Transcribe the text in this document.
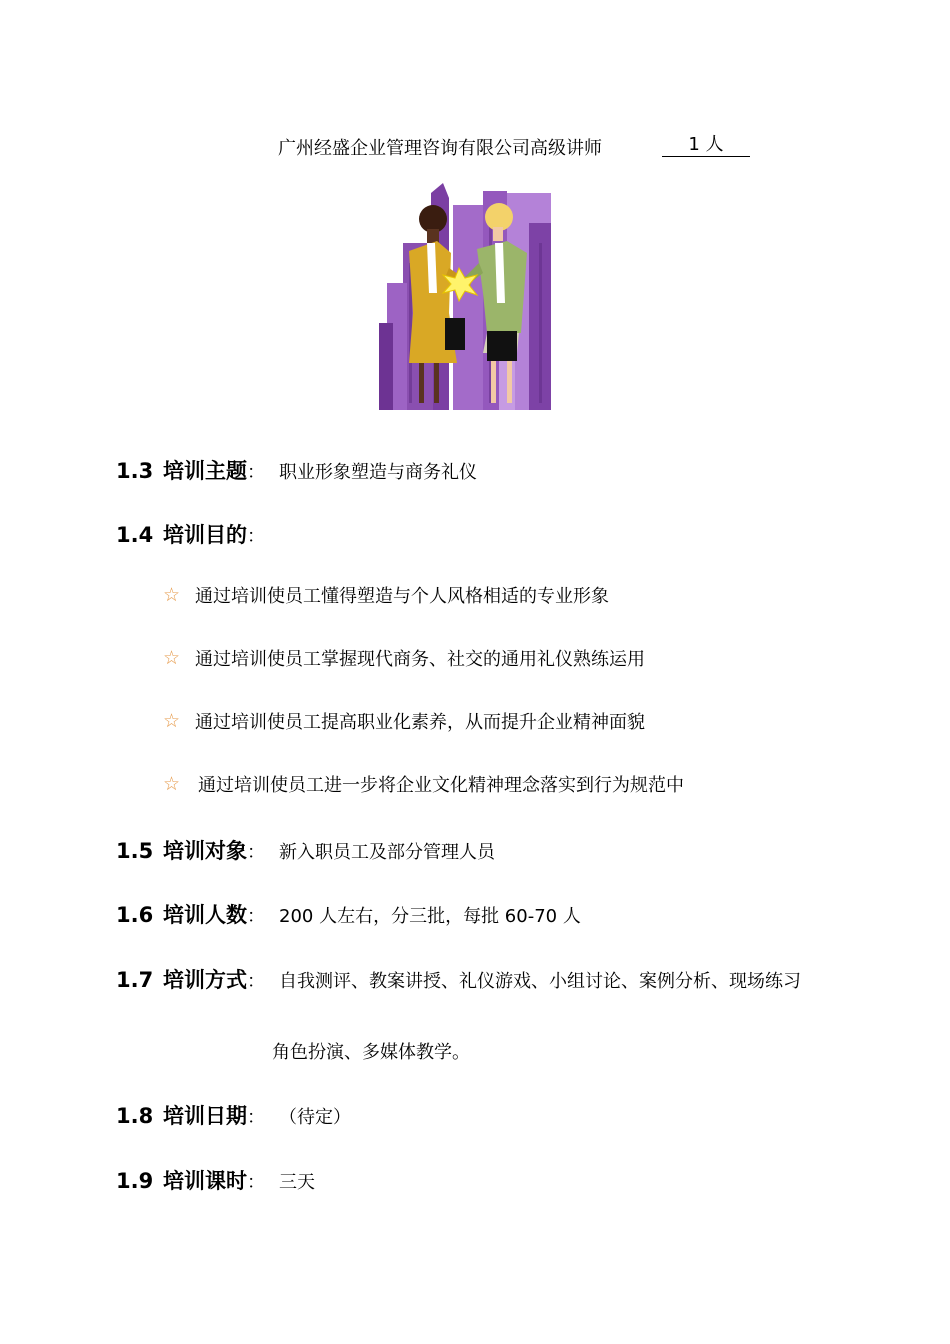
广州经盛企业管理咨询有限公司高级讲师	1 人
1.3 培训主题 ： 职业形象塑造与商务礼仪
1.4 培训目的 ：
☆ 通过培训使员工懂得塑造与个人风格相适的专业形象
☆ 通过培训使员工掌握现代商务、社交的通用礼仪熟练运用
☆ 通过培训使员工提高职业化素养，从而提升企业精神面貌
☆ 通过培训使员工进一步将企业文化精神理念落实到行为规范中
1.5 培训对象 ： 新入职员工及部分管理人员
1.6 培训人数 ： 200 人左右，分三批，每批 60-70 人
1.7 培训方式 ： 自我测评、教案讲授、礼仪游戏、小组讨论、案例分析、现场练习
角色扮演、多媒体教学。
1.8 培训日期 ： （待定）
1.9 培训课时 ： 三天
